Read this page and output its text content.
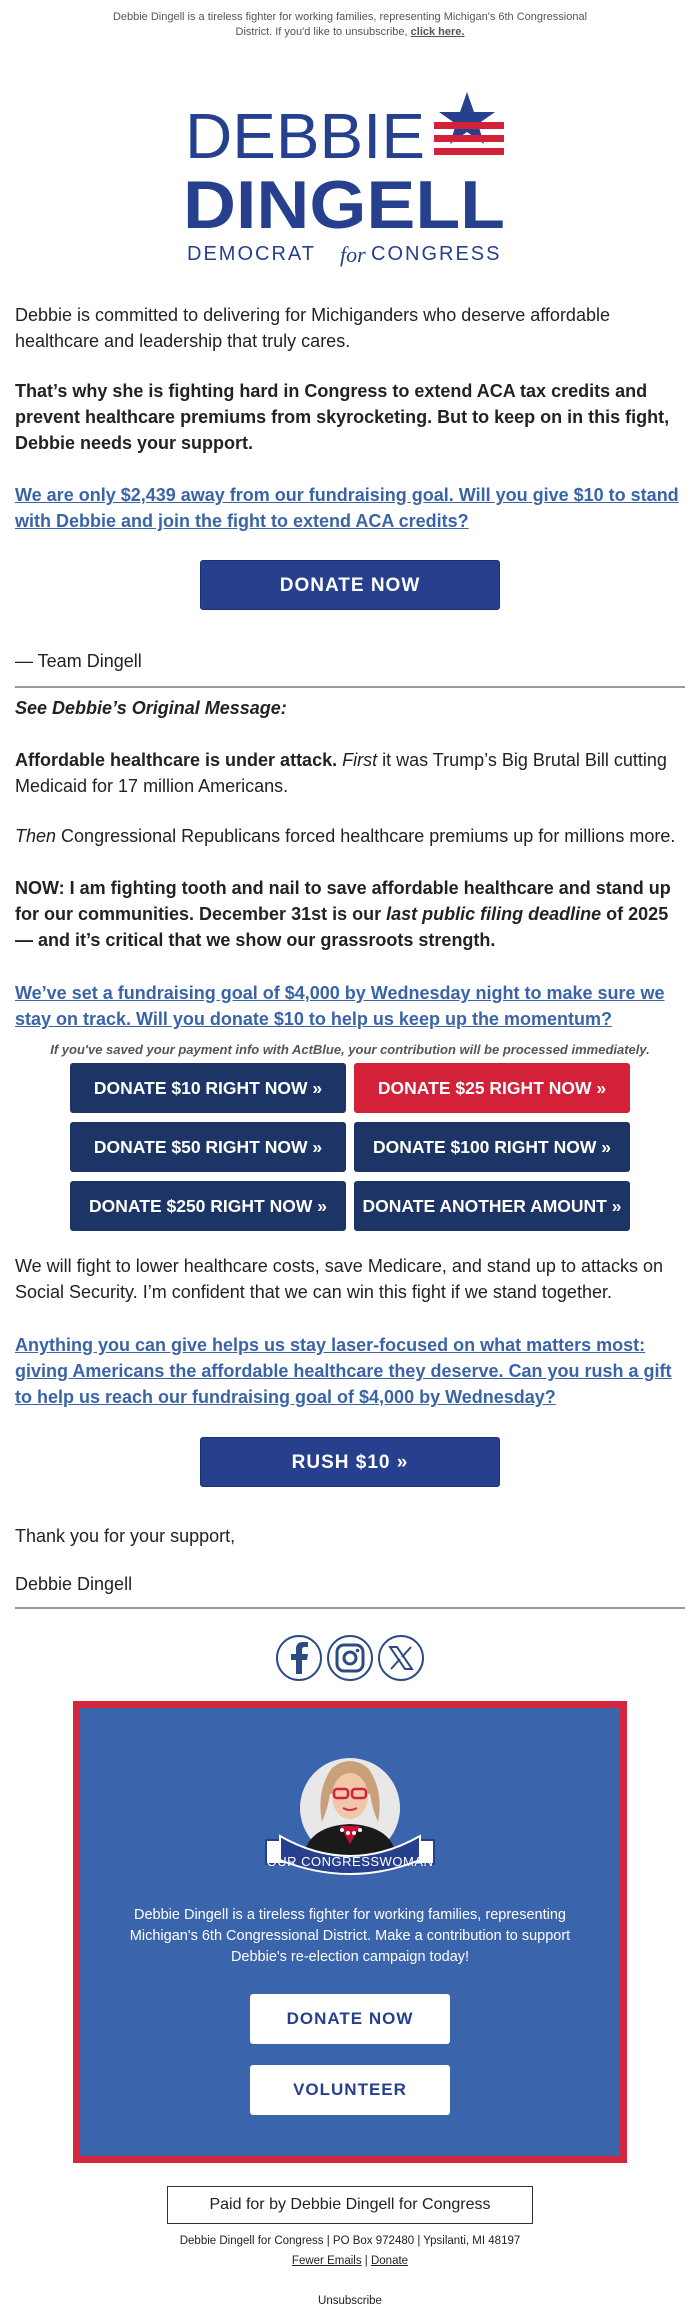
Debbie Dingell is a tireless fighter for working families, representing Michigan's 6th Congressional District. If you'd like to unsubscribe, click here.
DEBBIE
DINGELL
DEMOCRAT for CONGRESS

Debbie is committed to delivering for Michiganders who deserve affordable healthcare and leadership that truly cares.

That’s why she is fighting hard in Congress to extend ACA tax credits and prevent healthcare premiums from skyrocketing. But to keep on in this fight, Debbie needs your support.

We are only $2,439 away from our fundraising goal. Will you give $10 to stand with Debbie and join the fight to extend ACA credits?

DONATE NOW

— Team Dingell

See Debbie’s Original Message:

Affordable healthcare is under attack. First it was Trump’s Big Brutal Bill cutting Medicaid for 17 million Americans.

Then Congressional Republicans forced healthcare premiums up for millions more.

NOW: I am fighting tooth and nail to save affordable healthcare and stand up for our communities. December 31st is our last public filing deadline of 2025 — and it’s critical that we show our grassroots strength.

We’ve set a fundraising goal of $4,000 by Wednesday night to make sure we stay on track. Will you donate $10 to help us keep up the momentum?

If you've saved your payment info with ActBlue, your contribution will be processed immediately.

DONATE $10 RIGHT NOW »	DONATE $25 RIGHT NOW »
DONATE $50 RIGHT NOW »	DONATE $100 RIGHT NOW »
DONATE $250 RIGHT NOW »	DONATE ANOTHER AMOUNT »

We will fight to lower healthcare costs, save Medicare, and stand up to attacks on Social Security. I’m confident that we can win this fight if we stand together.

Anything you can give helps us stay laser-focused on what matters most: giving Americans the affordable healthcare they deserve. Can you rush a gift to help us reach our fundraising goal of $4,000 by Wednesday?

RUSH $10 »

Thank you for your support,

Debbie Dingell

OUR CONGRESSWOMAN

Debbie Dingell is a tireless fighter for working families, representing Michigan's 6th Congressional District. Make a contribution to support Debbie's re-election campaign today!

DONATE NOW
VOLUNTEER
Paid for by Debbie Dingell for Congress

Debbie Dingell for Congress | PO Box 972480 | Ypsilanti, MI 48197

Fewer Emails | Donate

Unsubscribe
